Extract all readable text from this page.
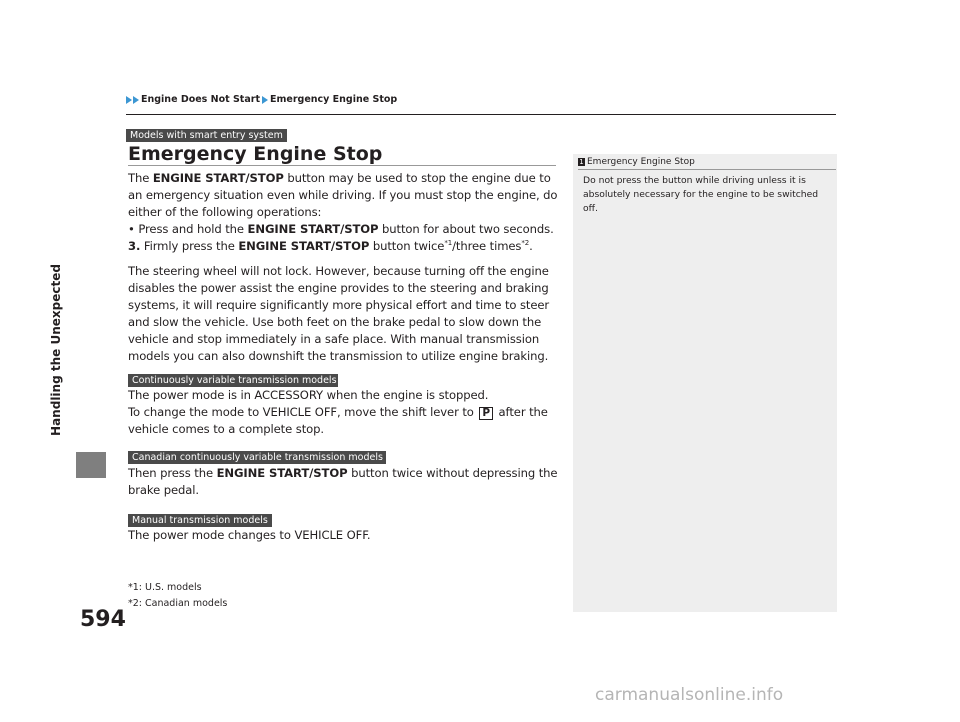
Handling the Unexpected
594
Engine Does Not Start Emergency Engine Stop
Models with smart entry system
Emergency Engine Stop
The ENGINE START/STOP button may be used to stop the engine due to an emergency situation even while driving. If you must stop the engine, do either of the following operations:
• Press and hold the ENGINE START/STOP button for about two seconds.
3. Firmly press the ENGINE START/STOP button twice$^{*1}$/three times$^{*2}$.
The steering wheel will not lock. However, because turning off the engine disables the power assist the engine provides to the steering and braking systems, it will require significantly more physical effort and time to steer and slow the vehicle. Use both feet on the brake pedal to slow down the vehicle and stop immediately in a safe place. With manual transmission models you can also downshift the transmission to utilize engine braking.
Continuously variable transmission models
The power mode is in ACCESSORY when the engine is stopped.
To change the mode to VEHICLE OFF, move the shift lever to P after the vehicle comes to a complete stop.
Canadian continuously variable transmission models
Then press the ENGINE START/STOP button twice without depressing the brake pedal.
Manual transmission models
The power mode changes to VEHICLE OFF.
*1: U.S. models
*2: Canadian models
1 Emergency Engine Stop
Do not press the button while driving unless it is absolutely necessary for the engine to be switched off.
carmanualsonline.info
